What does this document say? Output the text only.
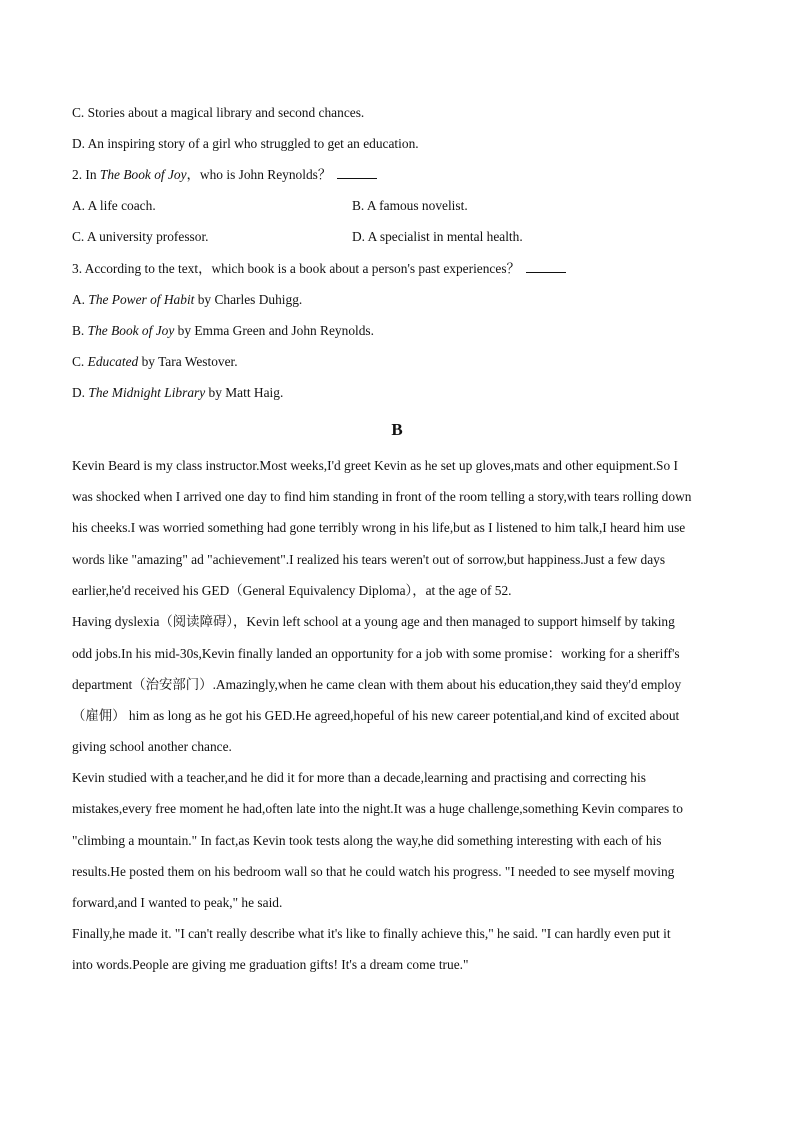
C. Stories about a magical library and second chances.
D. An inspiring story of a girl who struggled to get an education.
2. In The Book of Joy，who is John Reynolds？
A. A life coach.	B. A famous novelist.
C. A university professor.	D. A specialist in mental health.
3. According to the text，which book is a book about a person's past experiences？
A. The Power of Habit by Charles Duhigg.
B. The Book of Joy by Emma Green and John Reynolds.
C. Educated by Tara Westover.
D. The Midnight Library by Matt Haig.
B
Kevin Beard is my class instructor.Most weeks,I'd greet Kevin as he set up gloves,mats and other equipment.So I
was shocked when I arrived one day to find him standing in front of the room telling a story,with tears rolling down
his cheeks.I was worried something had gone terribly wrong in his life,but as I listened to him talk,I heard him use
words like "amazing" ad "achievement".I realized his tears weren't out of sorrow,but happiness.Just a few days
earlier,he'd received his GED（General Equivalency Diploma），at the age of 52.
Having dyslexia（阅读障碍），Kevin left school at a young age and then managed to support himself by taking
odd jobs.In his mid-30s,Kevin finally landed an opportunity for a job with some promise：working for a sheriff's
department（治安部门）.Amazingly,when he came clean with them about his education,they said they'd employ
（雇佣） him as long as he got his GED.He agreed,hopeful of his new career potential,and kind of excited about
giving school another chance.
Kevin studied with a teacher,and he did it for more than a decade,learning and practising and correcting his
mistakes,every free moment he had,often late into the night.It was a huge challenge,something Kevin compares to
"climbing a mountain." In fact,as Kevin took tests along the way,he did something interesting with each of his
results.He posted them on his bedroom wall so that he could watch his progress. "I needed to see myself moving
forward,and I wanted to peak," he said.
Finally,he made it. "I can't really describe what it's like to finally achieve this," he said. "I can hardly even put it
into words.People are giving me graduation gifts! It's a dream come true."
